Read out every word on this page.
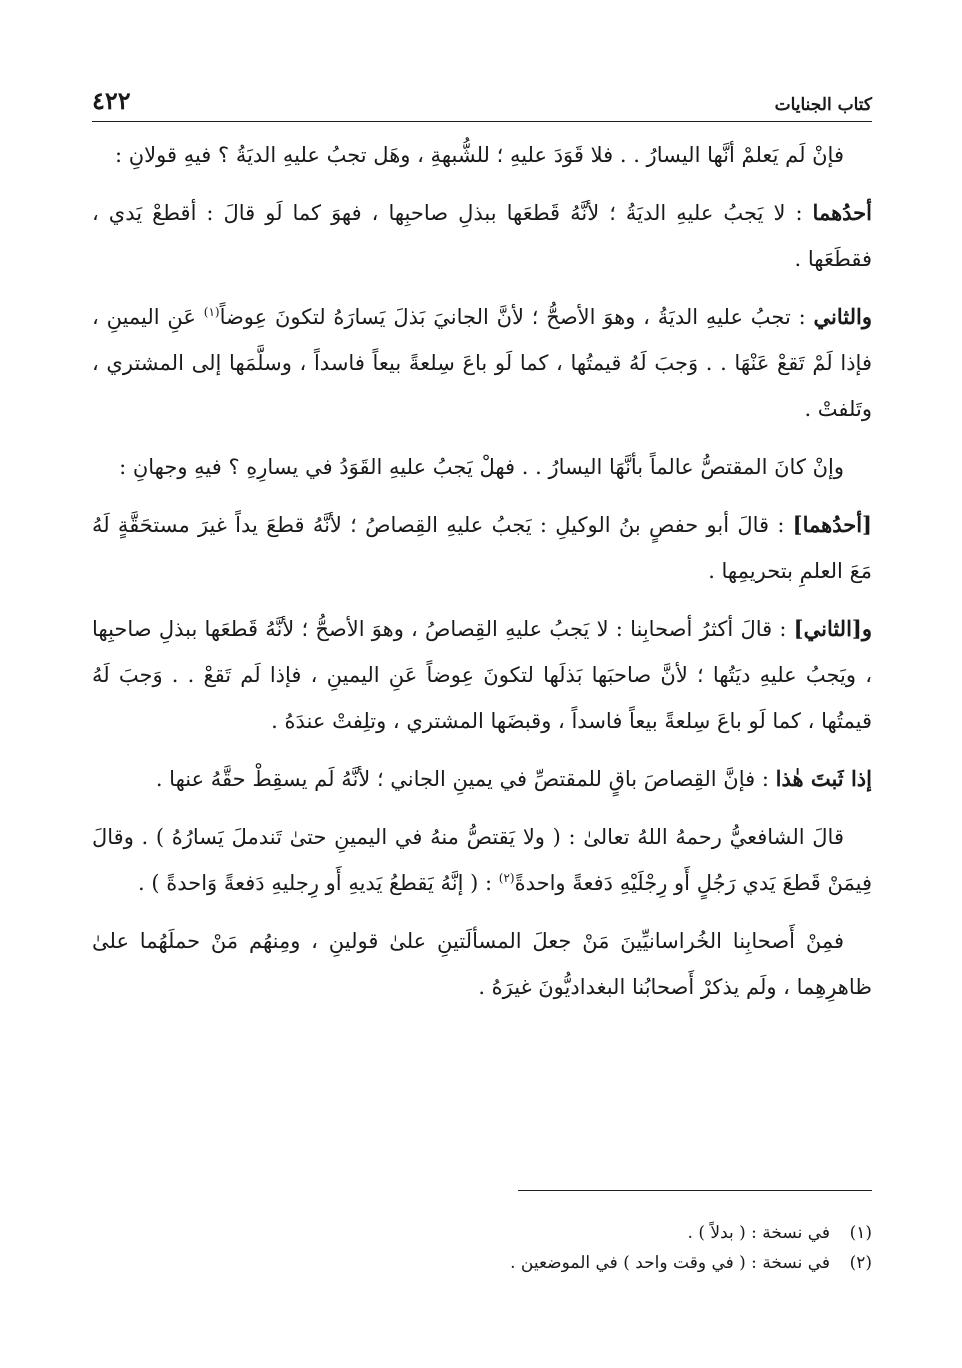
كتاب الجنايات
٤٢٢

فإنْ لَم يَعلمْ أنَّها اليسارُ . . فلا قَوَدَ عليهِ ؛ للشُّبهةِ ، وهَل تجبُ عليهِ الديَةُ ؟ فيهِ قولانِ :

أحدُهما : لا يَجبُ عليهِ الديَةُ ؛ لأنَّهُ قَطعَها ببذلِ صاحبِها ، فهوَ كما لَو قالَ : أقطعْ يَدي ، فقطَعَها .

والثاني : تجبُ عليهِ الديَةُ ، وهوَ الأصحُّ ؛ لأنَّ الجانيَ بَذلَ يَسارَهُ لتكونَ عِوضاً$^{(١)}$ عَنِ اليمينِ ، فإذا لَمْ تَقعْ عَنْهَا . . وَجبَ لَهُ قيمتُها ، كما لَو باعَ سِلعةً بيعاً فاسداً ، وسلَّمَها إلى المشتري ، وتَلفتْ .

وإنْ كانَ المقتصُّ عالماً بأنَّهَا اليسارُ . . فهلْ يَجبُ عليهِ القَوَدُ في يسارِهِ ؟ فيهِ وجهانِ :

[أحدُهما] : قالَ أبو حفصٍ بنُ الوكيلِ : يَجبُ عليهِ القِصاصُ ؛ لأنَّهُ قطعَ يداً غيرَ مستحَقَّةٍ لَهُ مَعَ العلمِ بتحريمِها .

و[الثاني] : قالَ أكثرُ أصحابِنا : لا يَجبُ عليهِ القِصاصُ ، وهوَ الأصحُّ ؛ لأنَّهُ قَطعَها ببذلِ صاحبِها ، ويَجبُ عليهِ ديَتُها ؛ لأنَّ صاحبَها بَذلَها لتكونَ عِوضاً عَنِ اليمينِ ، فإذا لَم تَقعْ . . وَجبَ لَهُ قيمتُها ، كما لَو باعَ سِلعةً بيعاً فاسداً ، وقبضَها المشتري ، وتلِفتْ عندَهُ .

إذا ثَبتَ هٰذا : فإنَّ القِصاصَ باقٍ للمقتصِّ في يمينِ الجاني ؛ لأنَّهُ لَم يسقِطْ حقَّهُ عنها .

قالَ الشافعيُّ رحمهُ اللهُ تعالىٰ : ( ولا يَقتصُّ منهُ في اليمينِ حتىٰ تَندملَ يَسارُهُ ) . وقالَ فِيمَنْ قَطعَ يَدي رَجُلٍ أَو رِجْلَيْهِ دَفعةً واحدةً$^{(٢)}$ : ( إنَّهُ يَقطعُ يَديهِ أَو رِجليهِ دَفعةً وَاحدةً ) .

فمِنْ أَصحابِنا الخُراسانيِّينَ مَنْ جعلَ المسألَتينِ علىٰ قولينِ ، ومِنهُم مَنْ حملَهُما علىٰ ظاهرِهِما ، ولَم يذكرْ أَصحابُنا البغداديُّونَ غيرَهُ .

(١)
في نسخة : ( بدلاً ) .
(٢)
في نسخة : ( في وقت واحد ) في الموضعين .
